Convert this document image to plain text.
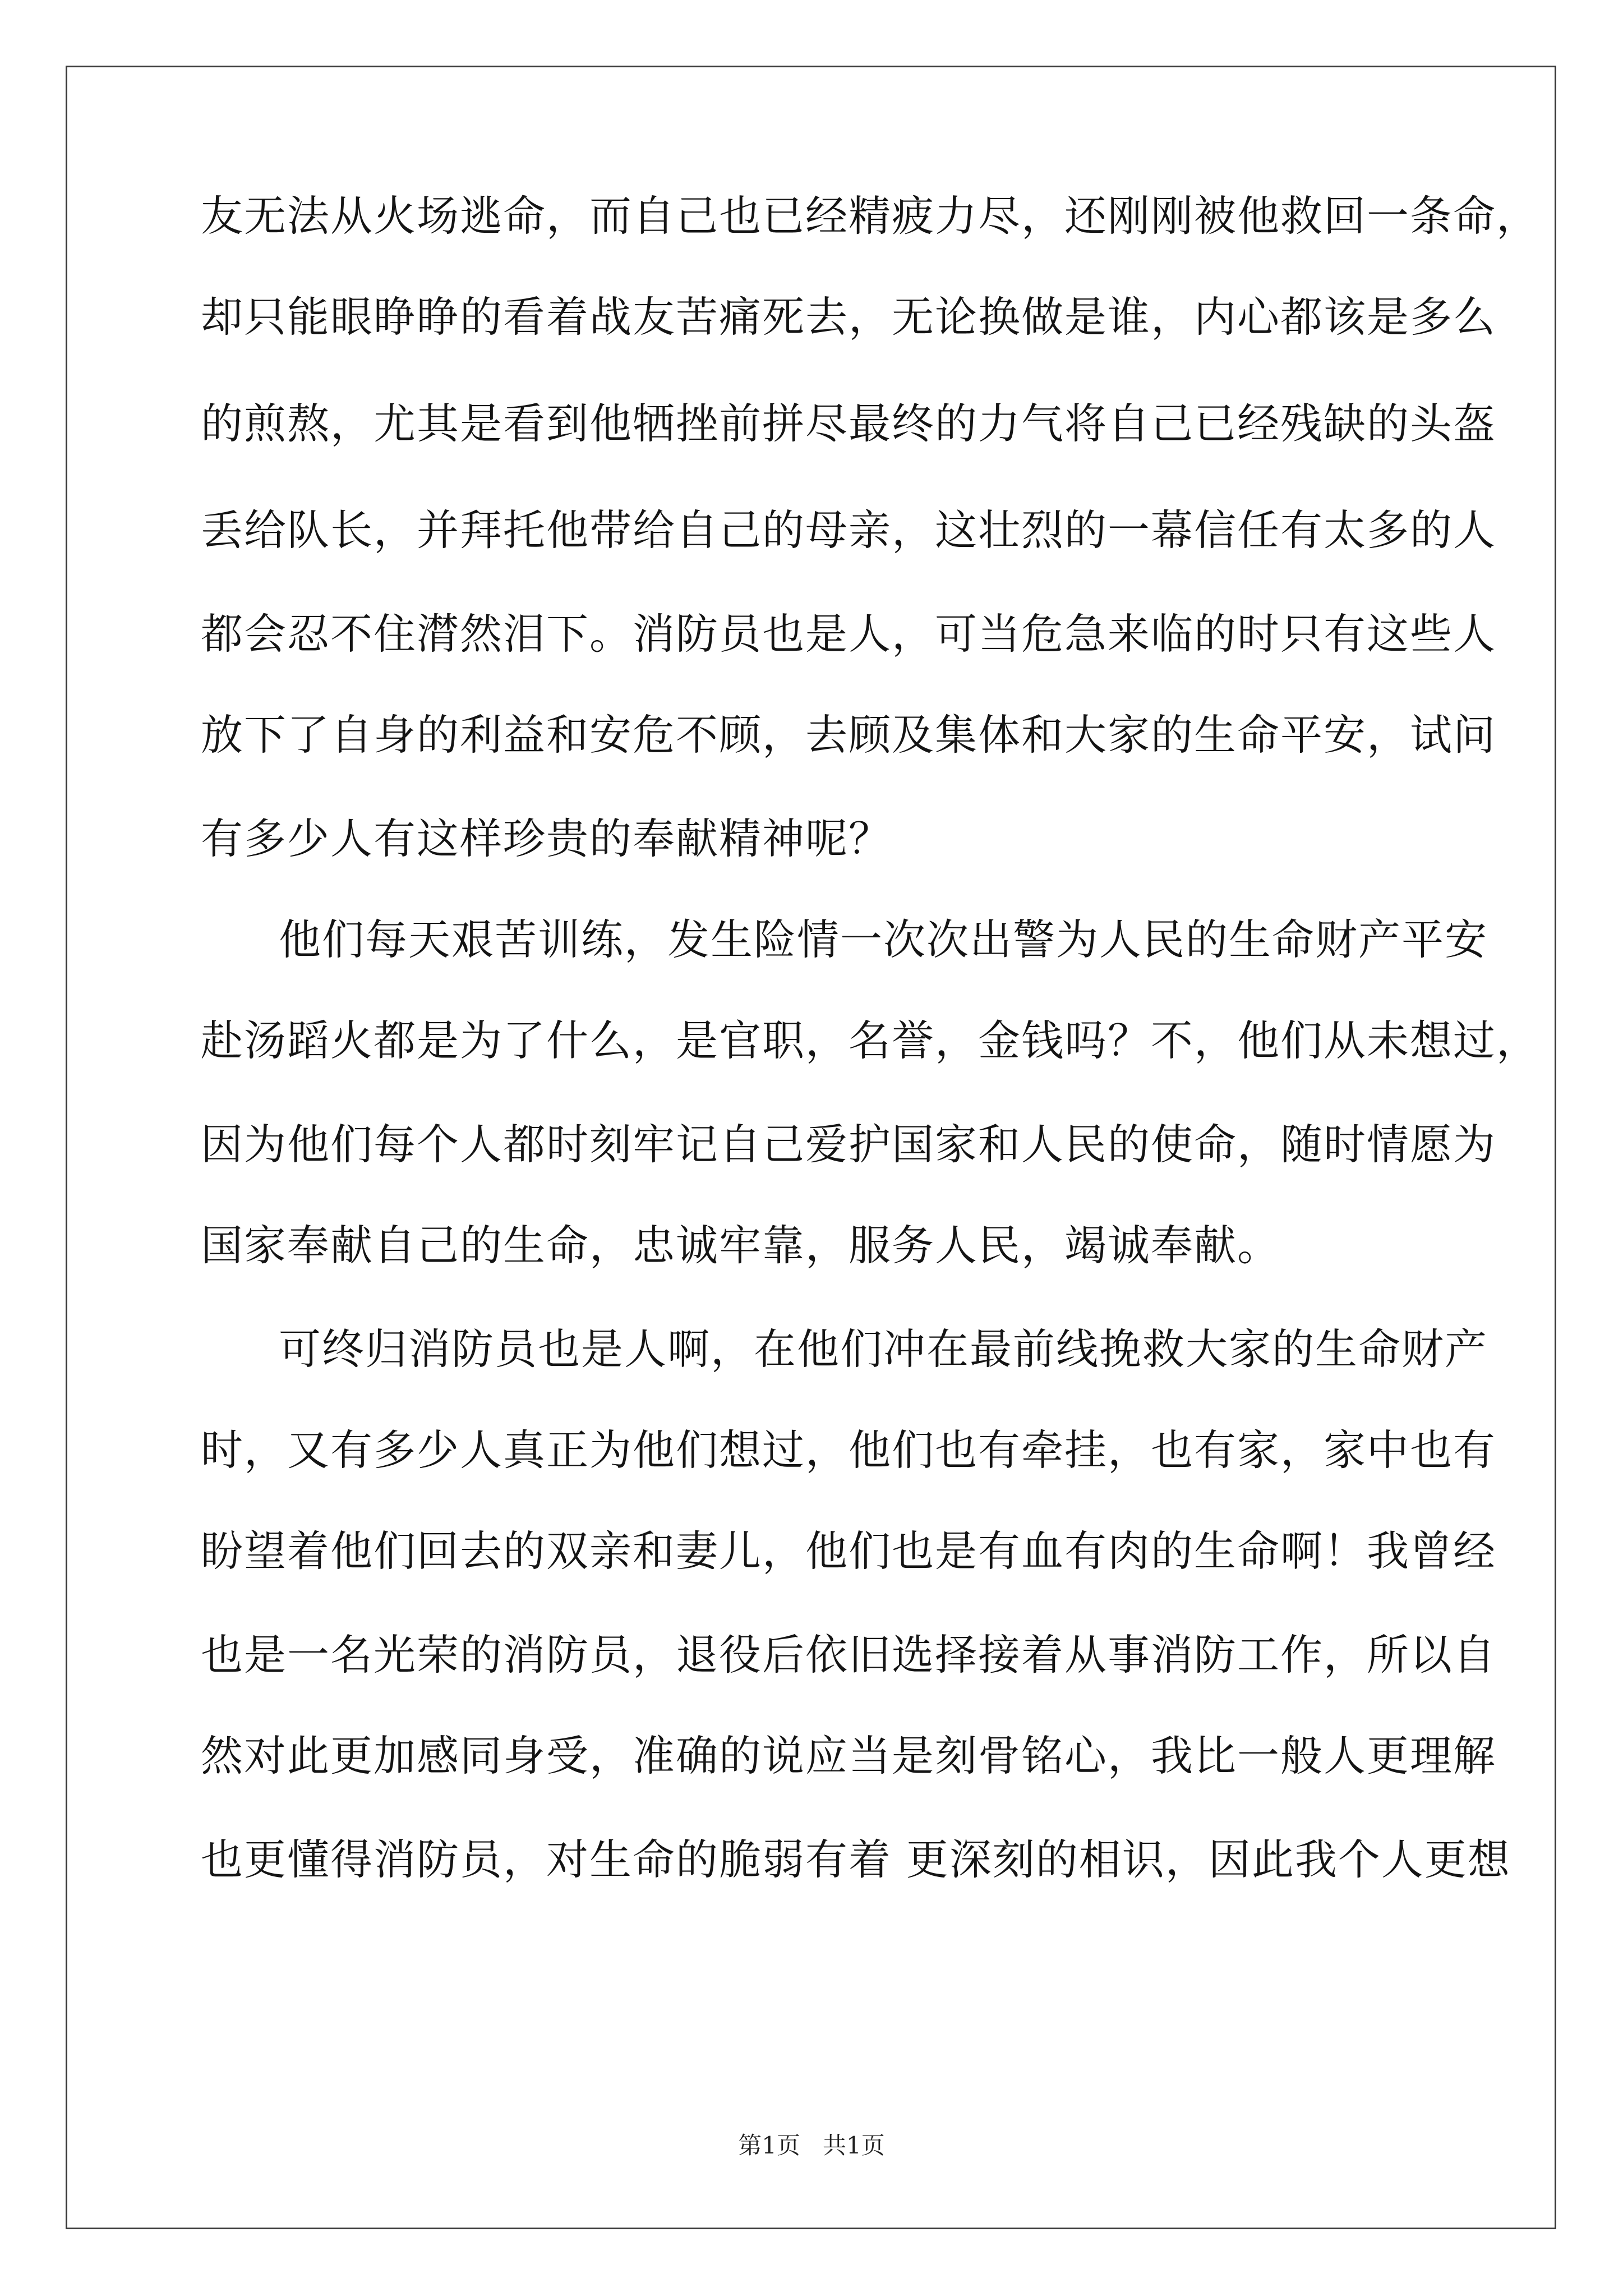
友无法从火场逃命，而自己也已经精疲力尽，还刚刚被他救回一条命，
却只能眼睁睁的看着战友苦痛死去，无论换做是谁，内心都该是多么
的煎熬，尤其是看到他牺挫前拼尽最终的力气将自己已经残缺的头盔
丢给队长，并拜托他带给自己的母亲，这壮烈的一幕信任有太多的人
都会忍不住潸然泪下。消防员也是人，可当危急来临的时只有这些人
放下了自身的利益和安危不顾，去顾及集体和大家的生命平安，试问
有多少人有这样珍贵的奉献精神呢？
他们每天艰苦训练，发生险情一次次出警为人民的生命财产平安
赴汤蹈火都是为了什么，是官职，名誉，金钱吗？不，他们从未想过，
因为他们每个人都时刻牢记自己爱护国家和人民的使命，随时情愿为
国家奉献自己的生命，忠诚牢靠，服务人民，竭诚奉献。
可终归消防员也是人啊，在他们冲在最前线挽救大家的生命财产
时，又有多少人真正为他们想过，他们也有牵挂，也有家，家中也有
盼望着他们回去的双亲和妻儿，他们也是有血有肉的生命啊！我曾经
也是一名光荣的消防员，退役后依旧选择接着从事消防工作，所以自
然对此更加感同身受，准确的说应当是刻骨铭心，我比一般人更理解
也更懂得消防员，对生命的脆弱有着 更深刻的相识，因此我个人更想
第1页 共1页
